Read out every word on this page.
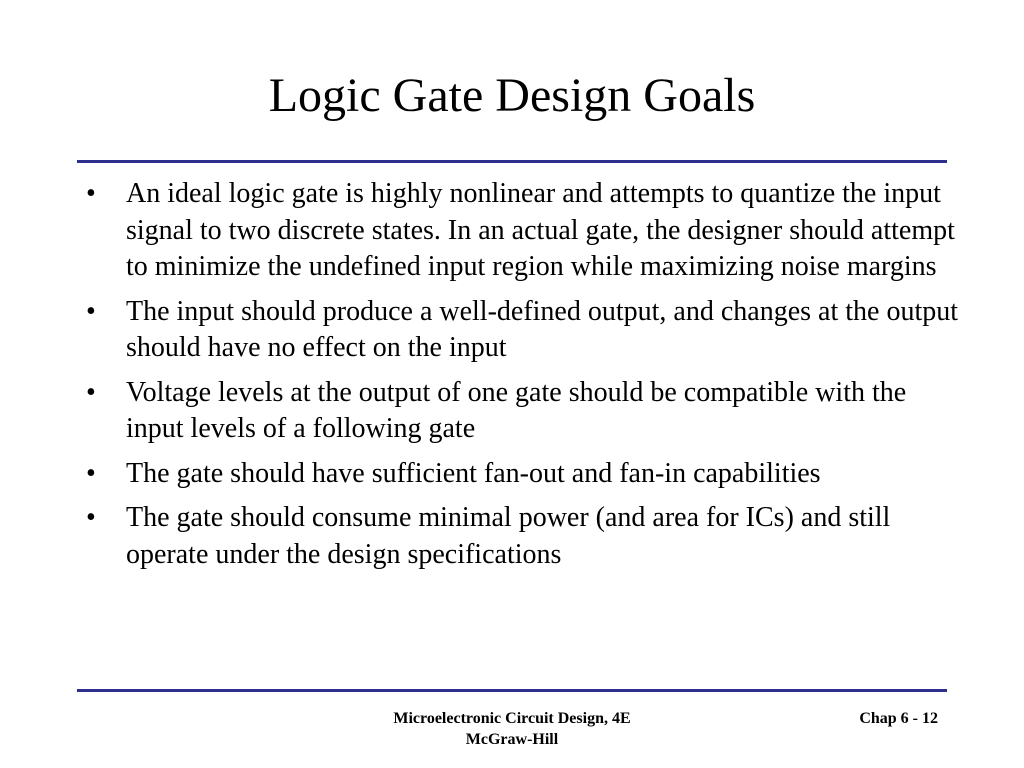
Logic Gate Design Goals
• An ideal logic gate is highly nonlinear and attempts to quantize the input signal to two discrete states. In an actual gate, the designer should attempt to minimize the undefined input region while maximizing noise margins
• The input should produce a well-defined output, and changes at the output should have no effect on the input
• Voltage levels at the output of one gate should be compatible with the input levels of a following gate
• The gate should have sufficient fan-out and fan-in capabilities
• The gate should consume minimal power (and area for ICs) and still operate under the design specifications
Microelectronic Circuit Design, 4E
McGraw-Hill
Chap 6 - 12
